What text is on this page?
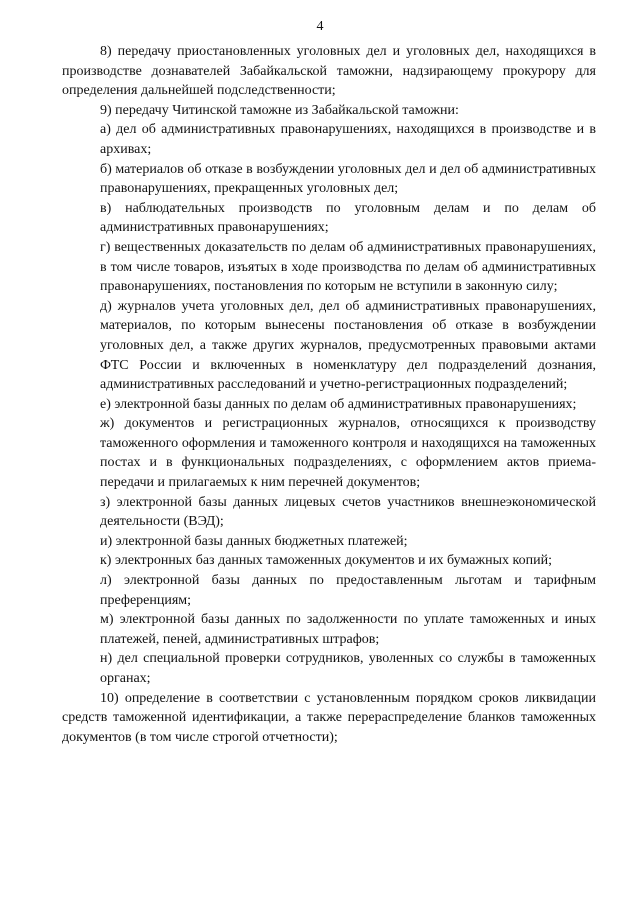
4

8) передачу приостановленных уголовных дел и уголовных дел, находящихся в производстве дознавателей Забайкальской таможни, надзирающему прокурору для определения дальнейшей подследственности;

9) передачу Читинской таможне из Забайкальской таможни:

а) дел об административных правонарушениях, находящихся в производстве и в архивах;

б) материалов об отказе в возбуждении уголовных дел и дел об административных правонарушениях, прекращенных уголовных дел;

в) наблюдательных производств по уголовным делам и по делам об административных правонарушениях;

г) вещественных доказательств по делам об административных правонарушениях, в том числе товаров, изъятых в ходе производства по делам об административных правонарушениях, постановления по которым не вступили в законную силу;

д) журналов учета уголовных дел, дел об административных правонарушениях, материалов, по которым вынесены постановления об отказе в возбуждении уголовных дел, а также других журналов, предусмотренных правовыми актами ФТС России и включенных в номенклатуру дел подразделений дознания, административных расследований и учетно-регистрационных подразделений;

е) электронной базы данных по делам об административных правонарушениях;

ж) документов и регистрационных журналов, относящихся к производству таможенного оформления и таможенного контроля и находящихся на таможенных постах и в функциональных подразделениях, с оформлением актов приема-передачи и прилагаемых к ним перечней документов;

з) электронной базы данных лицевых счетов участников внешнеэкономической деятельности (ВЭД);

и) электронной базы данных бюджетных платежей;

к) электронных баз данных таможенных документов и их бумажных копий;

л) электронной базы данных по предоставленным льготам и тарифным преференциям;

м) электронной базы данных по задолженности по уплате таможенных и иных платежей, пеней, административных штрафов;

н) дел специальной проверки сотрудников, уволенных со службы в таможенных органах;

10) определение в соответствии с установленным порядком сроков ликвидации средств таможенной идентификации, а также перераспределение бланков таможенных документов (в том числе строгой отчетности);
